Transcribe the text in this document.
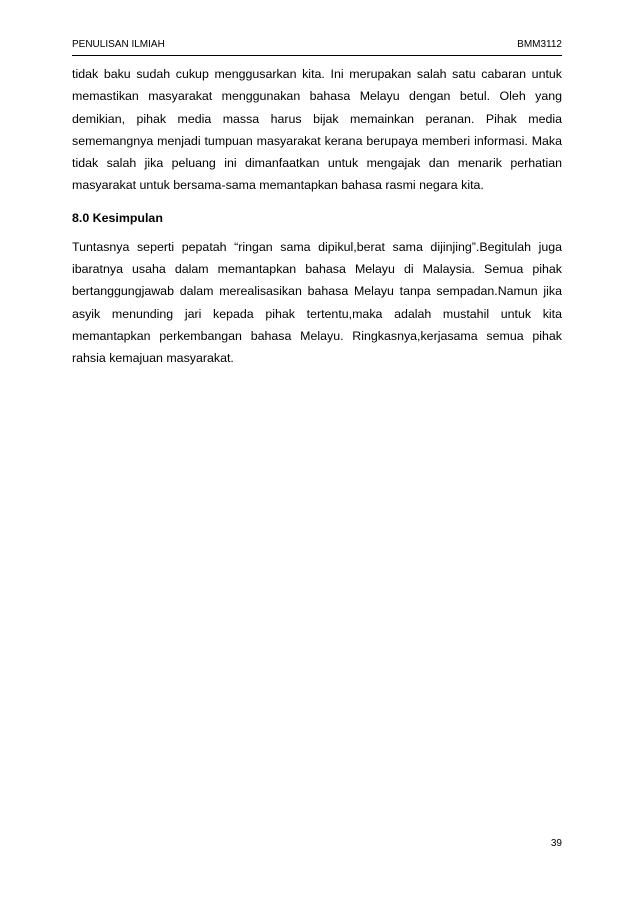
PENULISAN ILMIAH	BMM3112

tidak baku sudah cukup menggusarkan kita. Ini merupakan salah satu cabaran untuk memastikan masyarakat menggunakan bahasa Melayu dengan betul. Oleh yang demikian, pihak media massa harus bijak memainkan peranan. Pihak media sememangnya menjadi tumpuan masyarakat kerana berupaya memberi informasi. Maka tidak salah jika peluang ini dimanfaatkan untuk mengajak dan menarik perhatian masyarakat untuk bersama-sama memantapkan bahasa rasmi negara kita.

8.0 Kesimpulan

Tuntasnya seperti pepatah “ringan sama dipikul,berat sama dijinjing”.Begitulah juga ibaratnya usaha dalam memantapkan bahasa Melayu di Malaysia. Semua pihak bertanggungjawab dalam merealisasikan bahasa Melayu tanpa sempadan.Namun jika asyik menunding jari kepada pihak tertentu,maka adalah mustahil untuk kita memantapkan perkembangan bahasa Melayu. Ringkasnya,kerjasama semua pihak rahsia kemajuan masyarakat.

39
